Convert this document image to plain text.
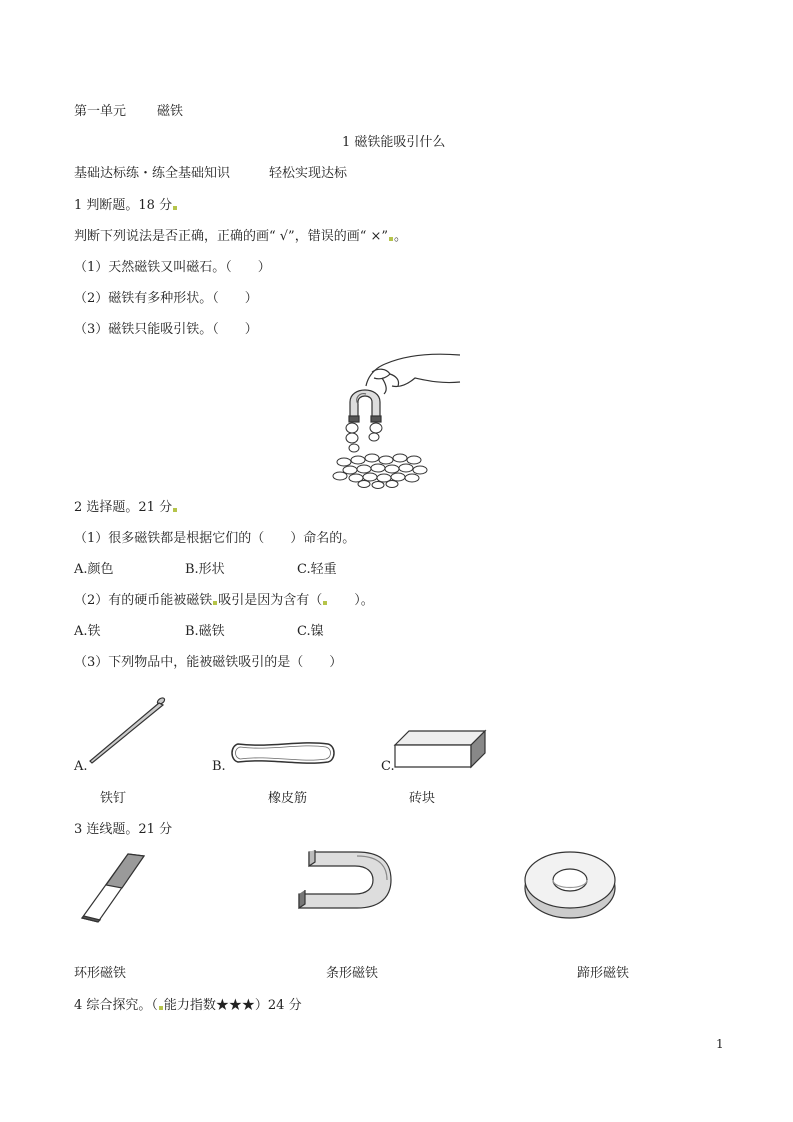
第一单元 磁铁
1 磁铁能吸引什么
基础达标练・练全基础知识	轻松实现达标
1 判断题。18 分
判断下列说法是否正确，正确的画“ √”，错误的画“ ×” 。
（1）天然磁铁又叫磁石。（　　）
（2）磁铁有多种形状。（　　）
（3）磁铁只能吸引铁。（　　）
2 选择题。21 分
（1）很多磁铁都是根据它们的（　　）命名的。
A.颜色	B.形状	C.轻重
（2）有的硬币能被磁铁 吸引是因为含有（　　）。
A.铁	B.磁铁	C.镍
（3）下列物品中，能被磁铁吸引的是（　　）
A.	B.	C.
铁钉	橡皮筋	砖块
3 连线题。21 分
环形磁铁	条形磁铁	蹄形磁铁
4 综合探究。（ 能力指数★★★）24 分
1
